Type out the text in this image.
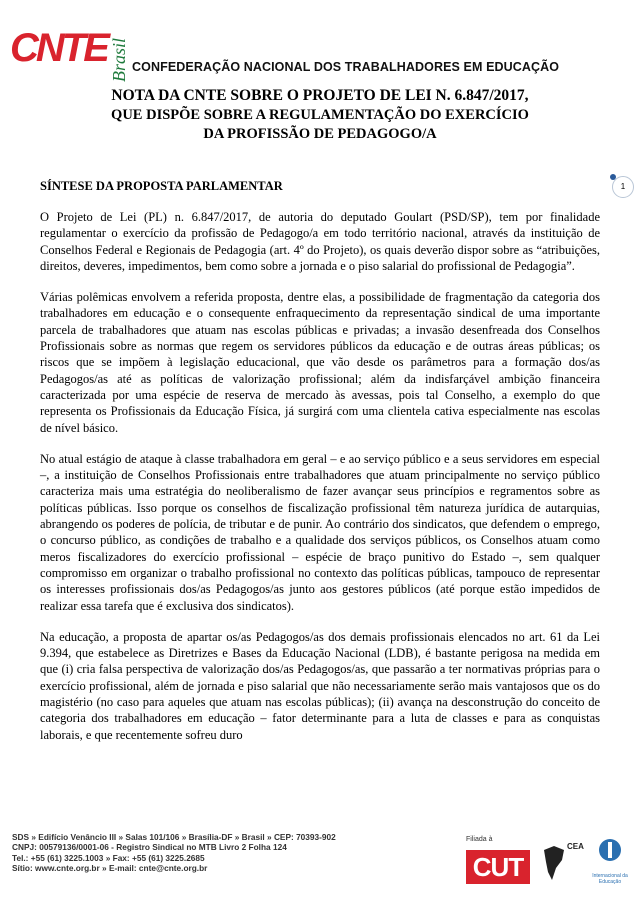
CNTE Brasil CONFEDERAÇÃO NACIONAL DOS TRABALHADORES EM EDUCAÇÃO
NOTA DA CNTE SOBRE O PROJETO DE LEI N. 6.847/2017,
QUE DISPÕE SOBRE A REGULAMENTAÇÃO DO EXERCÍCIO
DA PROFISSÃO DE PEDAGOGO/A
1
SÍNTESE DA PROPOSTA PARLAMENTAR

O Projeto de Lei (PL) n. 6.847/2017, de autoria do deputado Goulart (PSD/SP), tem por finalidade regulamentar o exercício da profissão de Pedagogo/a em todo território nacional, através da instituição de Conselhos Federal e Regionais de Pedagogia (art. 4º do Projeto), os quais deverão dispor sobre as “atribuições, direitos, deveres, impedimentos, bem como sobre a jornada e o piso salarial do profissional de Pedagogia”.

Várias polêmicas envolvem a referida proposta, dentre elas, a possibilidade de fragmentação da categoria dos trabalhadores em educação e o consequente enfraquecimento da representação sindical de uma importante parcela de trabalhadores que atuam nas escolas públicas e privadas; a invasão desenfreada dos Conselhos Profissionais sobre as normas que regem os servidores públicos da educação e de outras áreas públicas; os riscos que se impõem à legislação educacional, que vão desde os parâmetros para a formação dos/as Pedagogos/as até as políticas de valorização profissional; além da indisfarçável ambição financeira caracterizada por uma espécie de reserva de mercado às avessas, pois tal Conselho, a exemplo do que representa os Profissionais da Educação Física, já surgirá com uma clientela cativa especialmente nas escolas de nível básico.

No atual estágio de ataque à classe trabalhadora em geral – e ao serviço público e a seus servidores em especial –, a instituição de Conselhos Profissionais entre trabalhadores que atuam principalmente no serviço público caracteriza mais uma estratégia do neoliberalismo de fazer avançar seus princípios e regramentos sobre as políticas públicas. Isso porque os conselhos de fiscalização profissional têm natureza jurídica de autarquias, abrangendo os poderes de polícia, de tributar e de punir. Ao contrário dos sindicatos, que defendem o emprego, o concurso público, as condições de trabalho e a qualidade dos serviços públicos, os Conselhos atuam como meros fiscalizadores do exercício profissional – espécie de braço punitivo do Estado –, sem qualquer compromisso em organizar o trabalho profissional no contexto das políticas públicas, tampouco de representar os interesses profissionais dos/as Pedagogos/as junto aos gestores públicos (até porque estão impedidos de realizar essa tarefa que é exclusiva dos sindicatos).

Na educação, a proposta de apartar os/as Pedagogos/as dos demais profissionais elencados no art. 61 da Lei 9.394, que estabelece as Diretrizes e Bases da Educação Nacional (LDB), é bastante perigosa na medida em que (i) cria falsa perspectiva de valorização dos/as Pedagogos/as, que passarão a ter normativas próprias para o exercício profissional, além de jornada e piso salarial que não necessariamente serão mais vantajosos que os do magistério (no caso para aqueles que atuam nas escolas públicas); (ii) avança na desconstrução do conceito de categoria dos trabalhadores em educação – fator determinante para a luta de classes e para as conquistas laborais, e que recentemente sofreu duro

SDS » Edifício Venâncio III » Salas 101/106 » Brasília-DF » Brasil » CEP: 70393-902
CNPJ: 00579136/0001-06 - Registro Sindical no MTB Livro 2 Folha 124
Tel.: +55 (61) 3225.1003 » Fax: +55 (61) 3225.2685
Sítio: www.cnte.org.br » E-mail: cnte@cnte.org.br
Filiada à
CUT
CEA
Internacional da Educação
